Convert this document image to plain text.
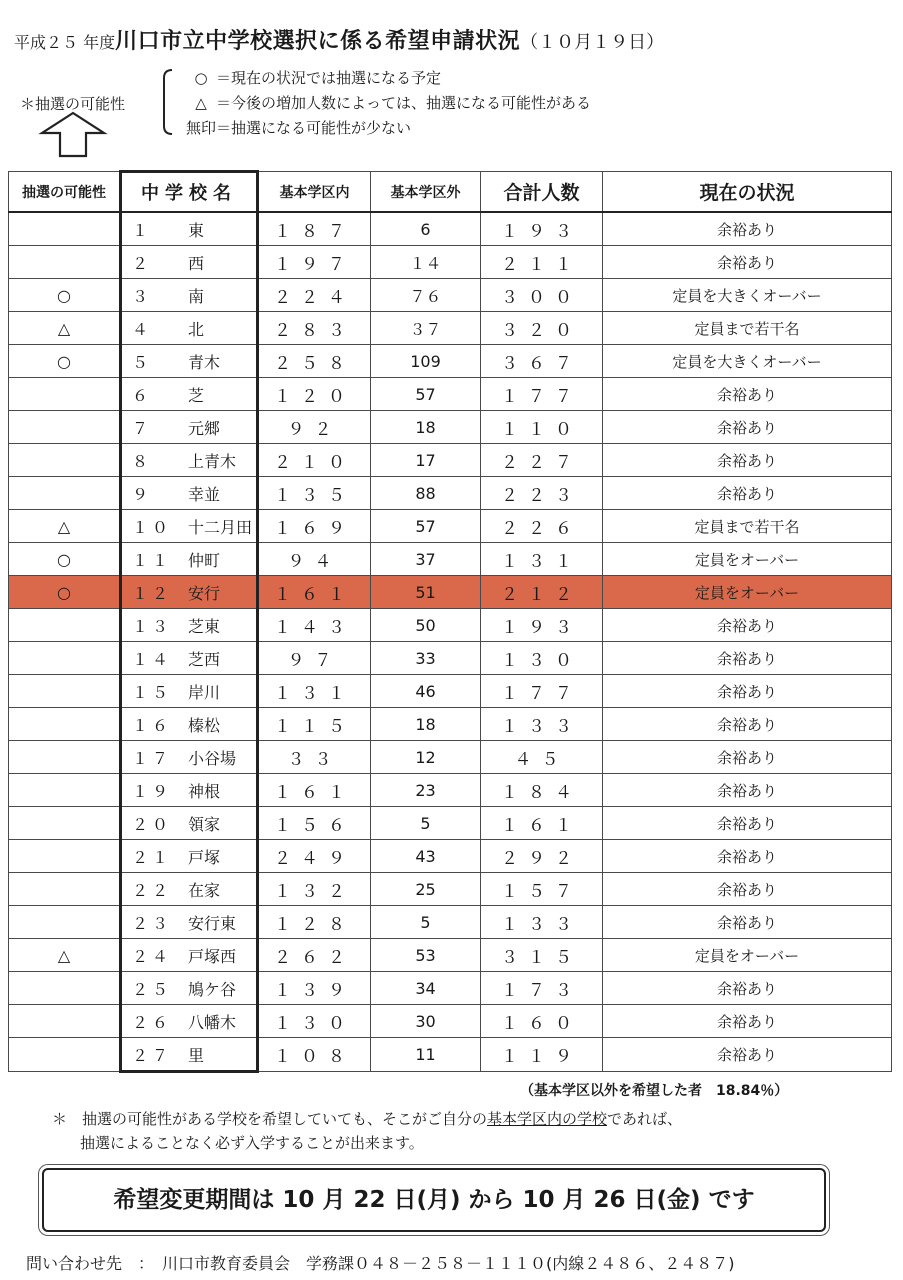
平成２５ 年度川口市立中学校選択に係る希望申請状況（１０月１９日）
＊抽選の可能性
○ ＝現在の状況では抽選になる予定
△ ＝今後の増加人数によっては、抽選になる可能性がある
無印＝抽選になる可能性が少ない
抽選の可能性	中学校名	基本学区内	基本学区外	合計人数	現在の状況
	１ 東	１８７	6	１９３	余裕あり
	２ 西	１９７	１４	２１１	余裕あり
○	３ 南	２２４	７６	３００	定員を大きくオーバー
△	４ 北	２８３	３７	３２０	定員まで若干名
○	５ 青木	２５８	109	３６７	定員を大きくオーバー
	６ 芝	１２０	57	１７７	余裕あり
	７ 元郷	９２	18	１１０	余裕あり
	８ 上青木	２１０	17	２２７	余裕あり
	９ 幸並	１３５	88	２２３	余裕あり
△	１０ 十二月田	１６９	57	２２６	定員まで若干名
○	１１ 仲町	９４	37	１３１	定員をオーバー
○	１２ 安行	１６１	51	２１２	定員をオーバー
	１３ 芝東	１４３	50	１９３	余裕あり
	１４ 芝西	９７	33	１３０	余裕あり
	１５ 岸川	１３１	46	１７７	余裕あり
	１６ 榛松	１１５	18	１３３	余裕あり
	１７ 小谷場	３３	12	４５	余裕あり
	１９ 神根	１６１	23	１８４	余裕あり
	２０ 領家	１５６	5	１６１	余裕あり
	２１ 戸塚	２４９	43	２９２	余裕あり
	２２ 在家	１３２	25	１５７	余裕あり
	２３ 安行東	１２８	5	１３３	余裕あり
△	２４ 戸塚西	２６２	53	３１５	定員をオーバー
	２５ 鳩ケ谷	１３９	34	１７３	余裕あり
	２６ 八幡木	１３０	30	１６０	余裕あり
	２７ 里	１０８	11	１１９	余裕あり
（基本学区以外を希望した者　18.84％）
＊　抽選の可能性がある学校を希望していても、そこがご自分の基本学区内の学校であれば、
抽選によることなく必ず入学することが出来ます。
希望変更期間は 10 月 22 日(月) から 10 月 26 日(金) です
問い合わせ先　：　川口市教育委員会　学務課０４８－２５８－１１１０(内線２４８６、２４８７)
